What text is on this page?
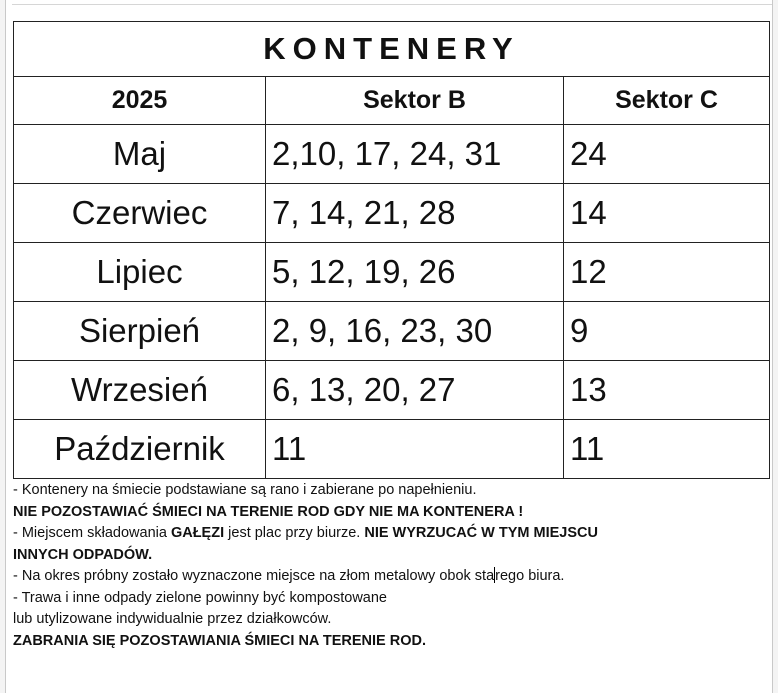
KONTENERY		
2025	Sektor B	Sektor C
Maj	2,10, 17, 24, 31	24
Czerwiec	7, 14, 21, 28	14
Lipiec	5, 12, 19, 26	12
Sierpień	2, 9, 16, 23, 30	9
Wrzesień	6, 13, 20, 27	13
Październik	11	11

- Kontenery na śmiecie podstawiane są rano i zabierane po napełnieniu.

NIE POZOSTAWIAĆ ŚMIECI NA TERENIE ROD GDY NIE MA KONTENERA !

- Miejscem składowania GAŁĘZI jest plac przy biurze. NIE WYRZUCAĆ W TYM MIEJSCU

INNYCH ODPADÓW.

- Na okres próbny zostało wyznaczone miejsce na złom metalowy obok starego biura.

- Trawa i inne odpady zielone powinny być kompostowane

lub utylizowane indywidualnie przez działkowców.

ZABRANIA SIĘ POZOSTAWIANIA ŚMIECI NA TERENIE ROD.
